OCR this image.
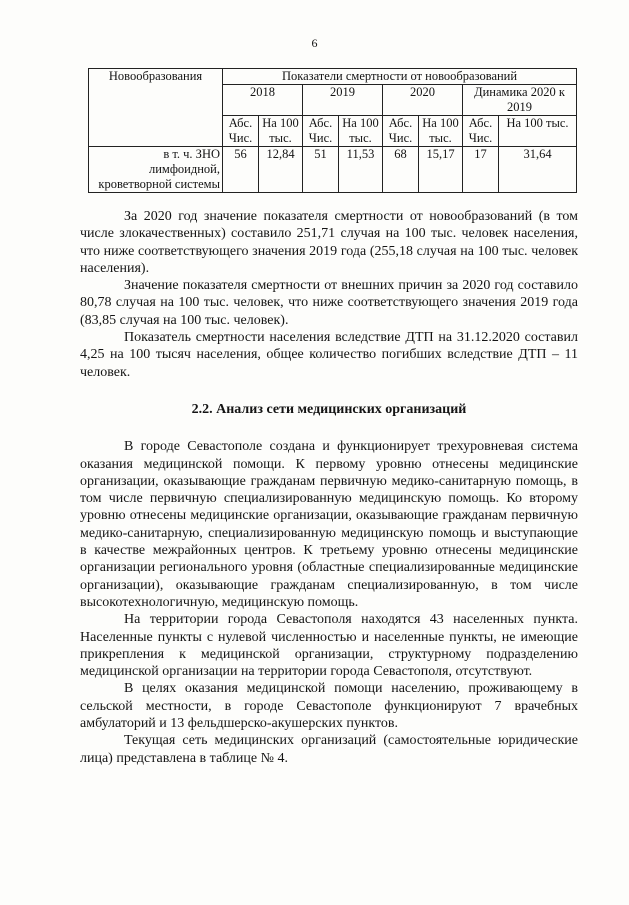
6
Новообразования	Показатели смертности от новообразований							
	2018		2019		2020		Динамика 2020 к 2019	
	Абс. Чис.	На 100 тыс.	Абс. Чис.	На 100 тыс.	Абс. Чис.	На 100 тыс.	Абс. Чис.	На 100 тыс.
в т. ч. ЗНО лимфоидной, кроветворной системы	56	12,84	51	11,53	68	15,17	17	31,64

За 2020 год значение показателя смертности от новообразований (в том числе злокачественных) составило 251,71 случая на 100 тыс. человек населения, что ниже соответствующего значения 2019 года (255,18 случая на 100 тыс. человек населения).

Значение показателя смертности от внешних причин за 2020 год составило 80,78 случая на 100 тыс. человек, что ниже соответствующего значения 2019 года (83,85 случая на 100 тыс. человек).

Показатель смертности населения вследствие ДТП на 31.12.2020 составил 4,25 на 100 тысяч населения, общее количество погибших вследствие ДТП – 11 человек.

2.2. Анализ сети медицинских организаций

В городе Севастополе создана и функционирует трехуровневая система оказания медицинской помощи. К первому уровню отнесены медицинские организации, оказывающие гражданам первичную медико-санитарную помощь, в том числе первичную специализированную медицинскую помощь. Ко второму уровню отнесены медицинские организации, оказывающие гражданам первичную медико-санитарную, специализированную медицинскую помощь и выступающие в качестве межрайонных центров. К третьему уровню отнесены медицинские организации регионального уровня (областные специализированные медицинские организации), оказывающие гражданам специализированную, в том числе высокотехнологичную, медицинскую помощь.

На территории города Севастополя находятся 43 населенных пункта. Населенные пункты с нулевой численностью и населенные пункты, не имеющие прикрепления к медицинской организации, структурному подразделению медицинской организации на территории города Севастополя, отсутствуют.

В целях оказания медицинской помощи населению, проживающему в сельской местности, в городе Севастополе функционируют 7 врачебных амбулаторий и 13 фельдшерско-акушерских пунктов.

Текущая сеть медицинских организаций (самостоятельные юридические лица) представлена в таблице № 4.
